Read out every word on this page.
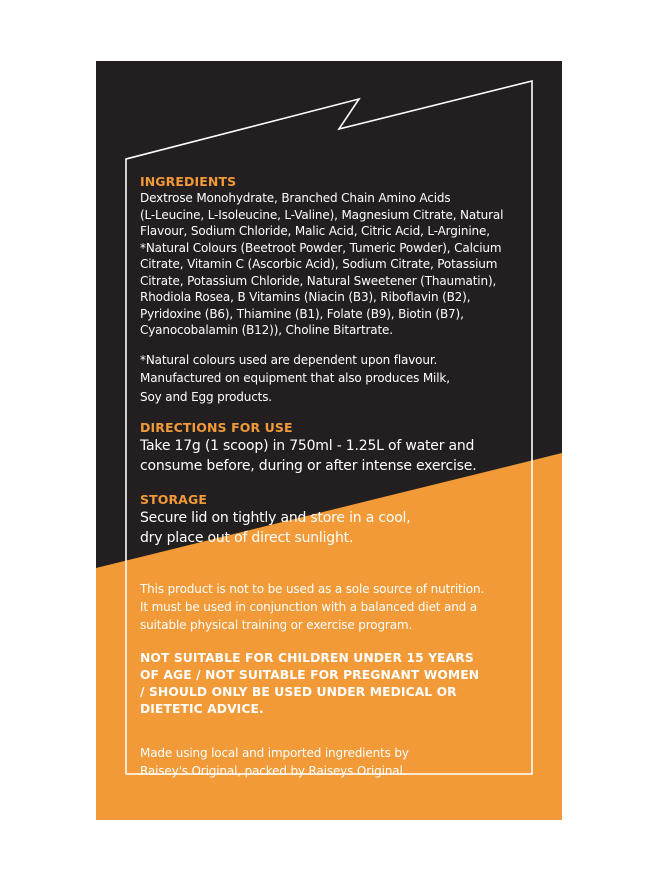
INGREDIENTS

Dextrose Monohydrate, Branched Chain Amino Acids
(L-Leucine, L-Isoleucine, L-Valine), Magnesium Citrate, Natural
Flavour, Sodium Chloride, Malic Acid, Citric Acid, L-Arginine,
*Natural Colours (Beetroot Powder, Tumeric Powder), Calcium
Citrate, Vitamin C (Ascorbic Acid), Sodium Citrate, Potassium
Citrate, Potassium Chloride, Natural Sweetener (Thaumatin),
Rhodiola Rosea, B Vitamins (Niacin (B3), Riboflavin (B2),
Pyridoxine (B6), Thiamine (B1), Folate (B9), Biotin (B7),
Cyanocobalamin (B12)), Choline Bitartrate.

*Natural colours used are dependent upon flavour.
Manufactured on equipment that also produces Milk,
Soy and Egg products.

DIRECTIONS FOR USE

Take 17g (1 scoop) in 750ml - 1.25L of water and
consume before, during or after intense exercise.

STORAGE

Secure lid on tightly and store in a cool,
dry place out of direct sunlight.

FORMULATED SUPPLEMENTARY SPORTS FOOD

This product is not to be used as a sole source of nutrition.
It must be used in conjunction with a balanced diet and a
suitable physical training or exercise program.

NOT SUITABLE FOR CHILDREN UNDER 15 YEARS
OF AGE / NOT SUITABLE FOR PREGNANT WOMEN
/ SHOULD ONLY BE USED UNDER MEDICAL OR
DIETETIC ADVICE.

Made using local and imported ingredients by
Raisey's Original, packed by Raiseys Original.
